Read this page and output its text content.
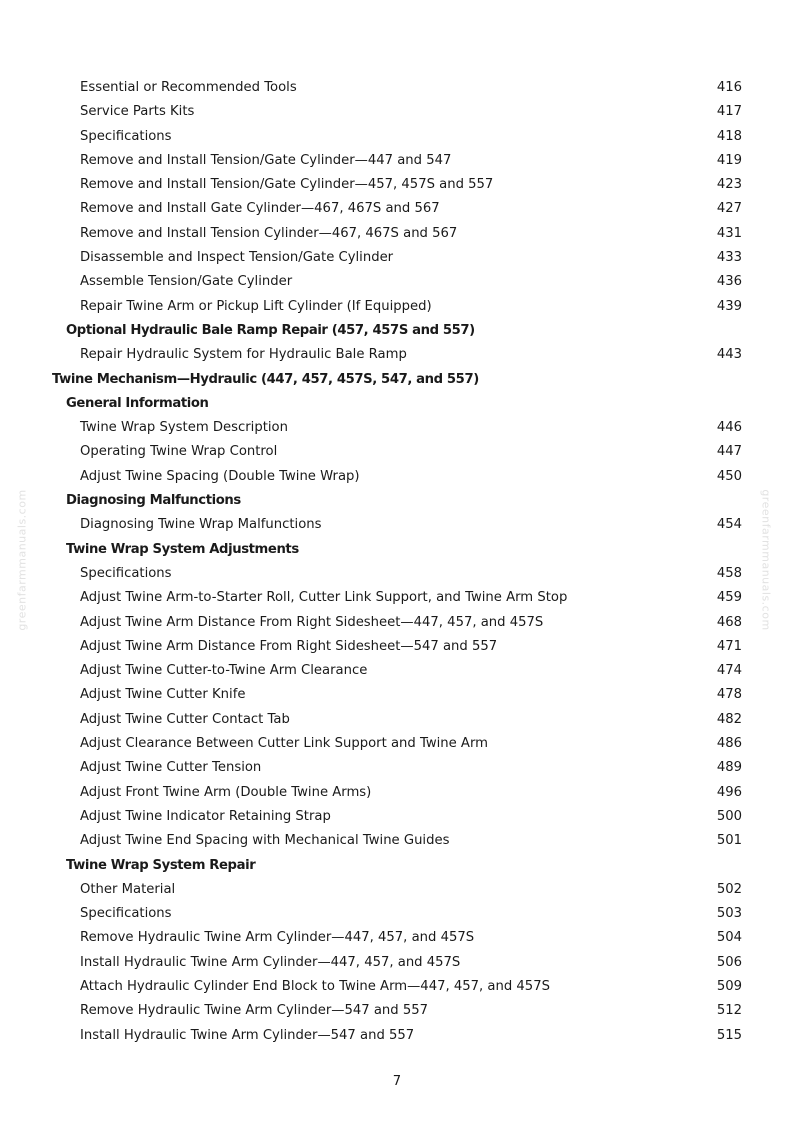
Essential or Recommended Tools	416
Service Parts Kits	417
Specifications	418
Remove and Install Tension/Gate Cylinder—447 and 547	419
Remove and Install Tension/Gate Cylinder—457, 457S and 557	423
Remove and Install Gate Cylinder—467, 467S and 567	427
Remove and Install Tension Cylinder—467, 467S and 567	431
Disassemble and Inspect Tension/Gate Cylinder	433
Assemble Tension/Gate Cylinder	436
Repair Twine Arm or Pickup Lift Cylinder (If Equipped)	439
Optional Hydraulic Bale Ramp Repair (457, 457S and 557)
Repair Hydraulic System for Hydraulic Bale Ramp	443
Twine Mechanism—Hydraulic (447, 457, 457S, 547, and 557)
General Information
Twine Wrap System Description	446
Operating Twine Wrap Control	447
Adjust Twine Spacing (Double Twine Wrap)	450
Diagnosing Malfunctions
Diagnosing Twine Wrap Malfunctions	454
Twine Wrap System Adjustments
Specifications	458
Adjust Twine Arm-to-Starter Roll, Cutter Link Support, and Twine Arm Stop	459
Adjust Twine Arm Distance From Right Sidesheet—447, 457, and 457S	468
Adjust Twine Arm Distance From Right Sidesheet—547 and 557	471
Adjust Twine Cutter-to-Twine Arm Clearance	474
Adjust Twine Cutter Knife	478
Adjust Twine Cutter Contact Tab	482
Adjust Clearance Between Cutter Link Support and Twine Arm	486
Adjust Twine Cutter Tension	489
Adjust Front Twine Arm (Double Twine Arms)	496
Adjust Twine Indicator Retaining Strap	500
Adjust Twine End Spacing with Mechanical Twine Guides	501
Twine Wrap System Repair
Other Material	502
Specifications	503
Remove Hydraulic Twine Arm Cylinder—447, 457, and 457S	504
Install Hydraulic Twine Arm Cylinder—447, 457, and 457S	506
Attach Hydraulic Cylinder End Block to Twine Arm—447, 457, and 457S	509
Remove Hydraulic Twine Arm Cylinder—547 and 557	512
Install Hydraulic Twine Arm Cylinder—547 and 557	515
greenfarmmanuals.com	greenfarmmanuals.com
7
